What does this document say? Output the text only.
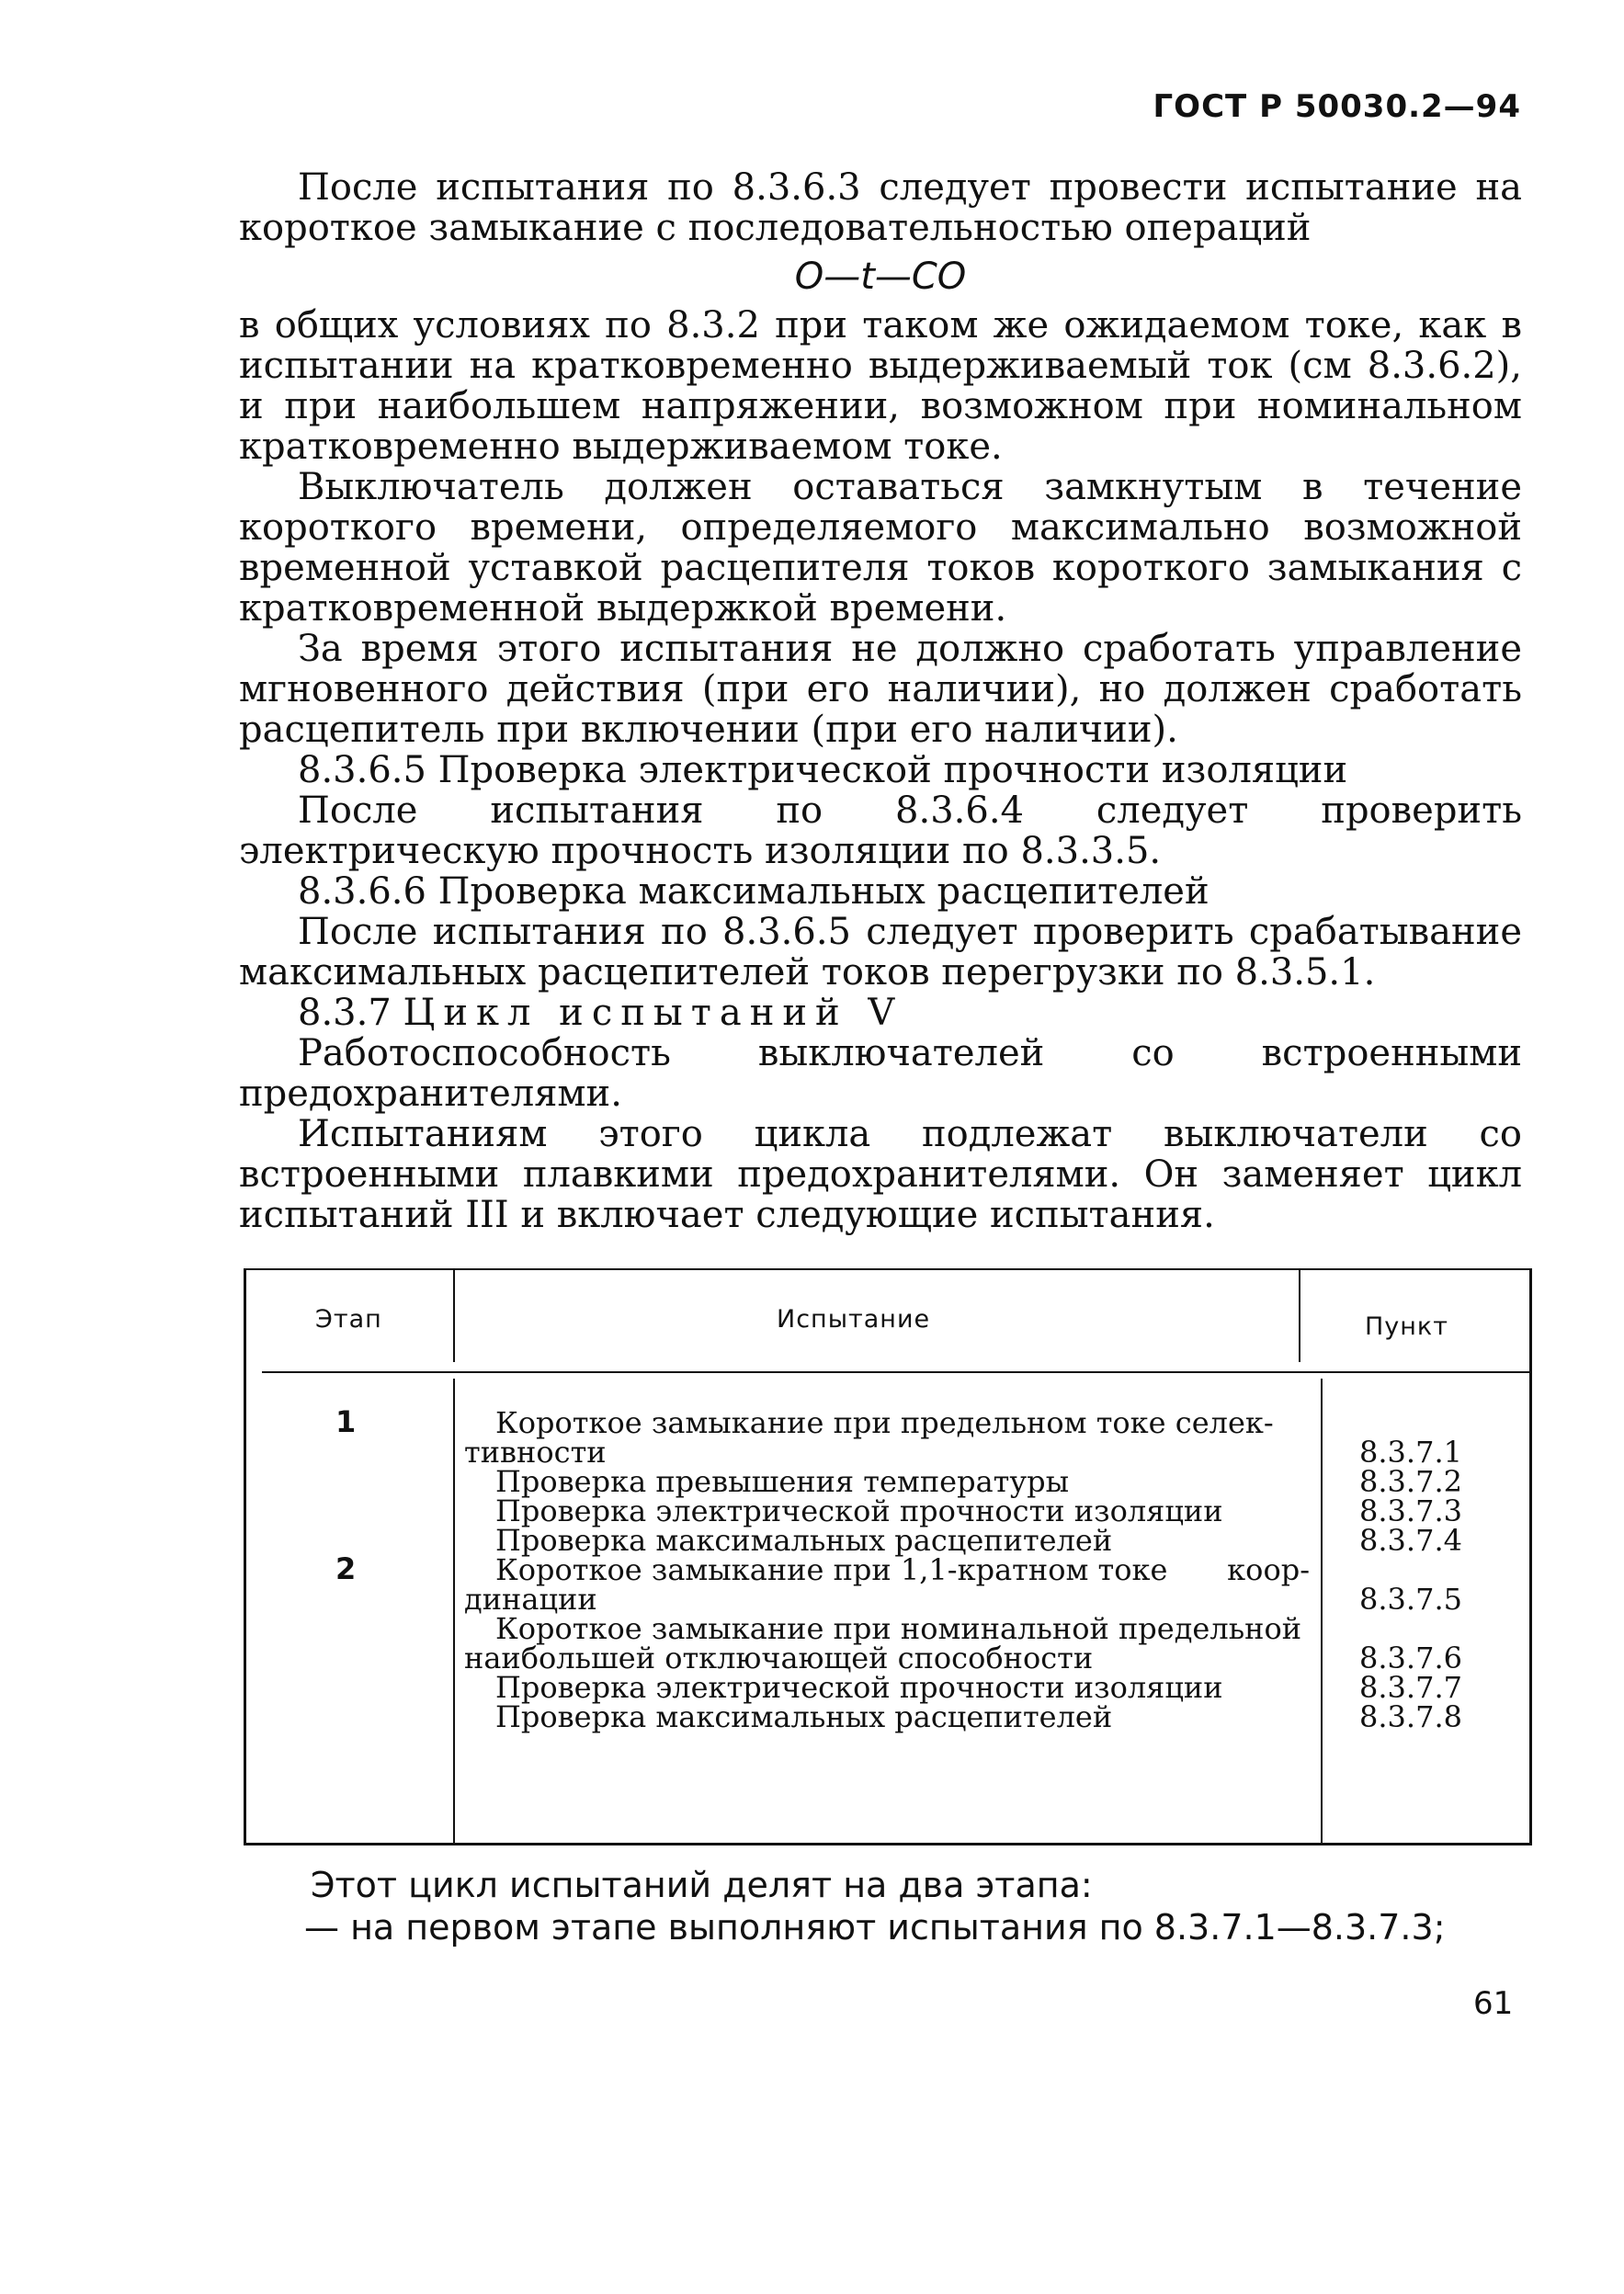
ГОСТ Р 50030.2—94

После испытания по 8.3.6.3 следует провести испытание на короткое замыкание с последовательностью операций

O—t—CO

в общих условиях по 8.3.2 при таком же ожидаемом токе, как в испытании на кратковременно выдерживаемый ток (см 8.3.6.2), и при наибольшем напряжении, возможном при номинальном кратковременно выдерживаемом токе.

Выключатель должен оставаться замкнутым в течение короткого времени, определяемого максимально возможной временной уставкой расцепителя токов короткого замыкания с кратковременной выдержкой времени.

За время этого испытания не должно сработать управление мгновенного действия (при его наличии), но должен сработать расцепитель при включении (при его наличии).

8.3.6.5 Проверка электрической прочности изоляции

После испытания по 8.3.6.4 следует проверить электрическую прочность изоляции по 8.3.3.5.

8.3.6.6 Проверка максимальных расцепителей

После испытания по 8.3.6.5 следует проверить срабатывание максимальных расцепителей токов перегрузки по 8.3.5.1.

8.3.7 Цикл испытаний V

Работоспособность выключателей со встроенными предохранителями.

Испытаниям этого цикла подлежат выключатели со встроенными плавкими предохранителями. Он заменяет цикл испытаний III и включает следующие испытания.

Этап	Испытание	Пункт
1
2
Короткое замыкание при предельном токе селек-
тивности
Проверка превышения температуры
Проверка электрической прочности изоляции
Проверка максимальных расцепителей
Короткое замыкание при 1,1-кратном токе коор-
динации
Короткое замыкание при номинальной предельной
наибольшей отключающей способности
Проверка электрической прочности изоляции
Проверка максимальных расцепителей
8.3.7.1
8.3.7.2
8.3.7.3
8.3.7.4
8.3.7.5
8.3.7.6
8.3.7.7
8.3.7.8
Этот цикл испытаний делят на два этапа:
— на первом этапе выполняют испытания по 8.3.7.1—8.3.7.3;
61
